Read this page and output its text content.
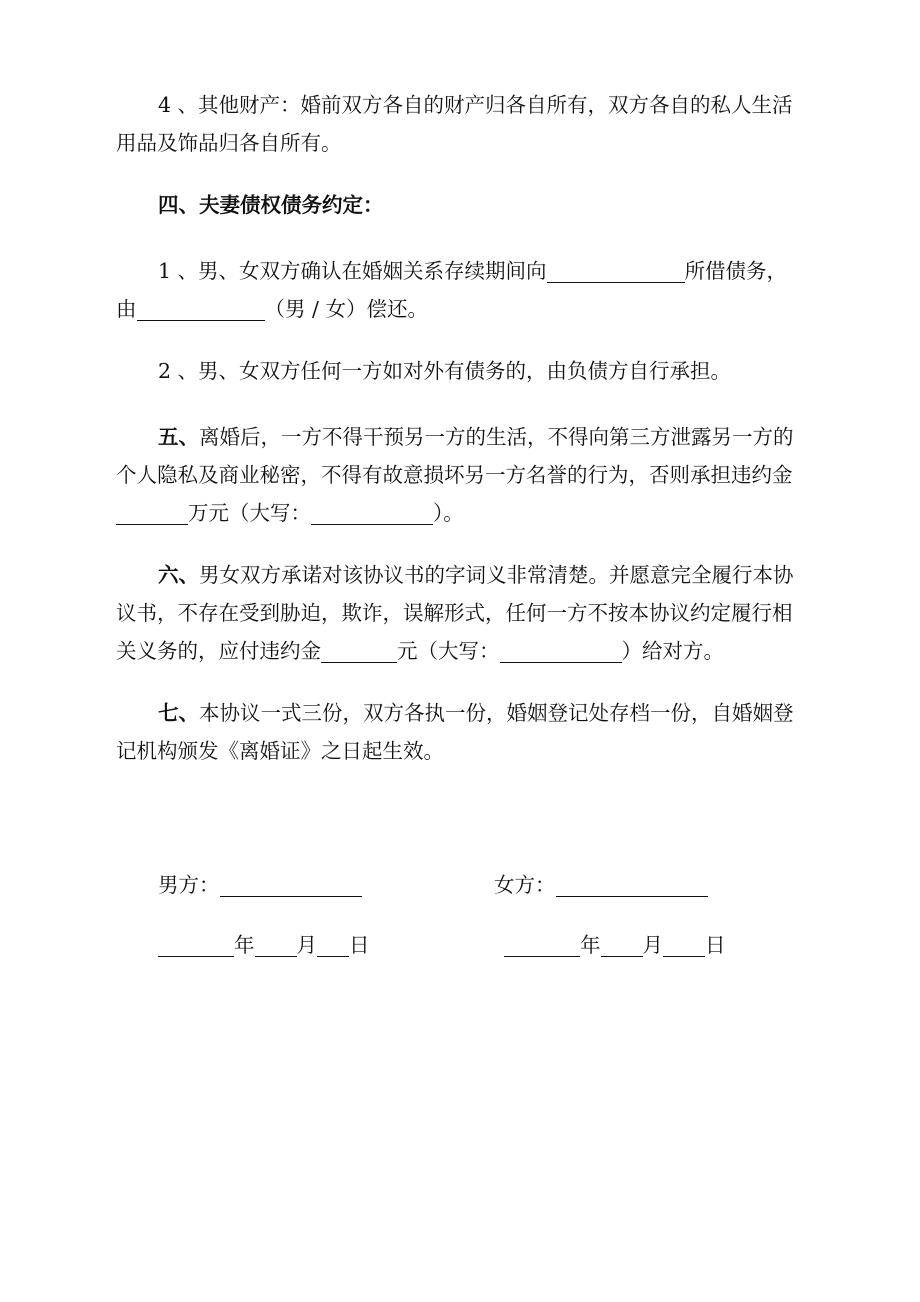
4 、其他财产：婚前双方各自的财产归各自所有，双方各自的私人生活用品及饰品归各自所有。
四、夫妻债权债务约定：
1 、男、女双方确认在婚姻关系存续期间向	所借债务，由	（男 / 女）偿还。
2 、男、女双方任何一方如对外有债务的，由负债方自行承担。
五、离婚后，一方不得干预另一方的生活，不得向第三方泄露另一方的个人隐私及商业秘密，不得有故意损坏另一方名誉的行为，否则承担违约金万元（大写：	）。
六、男女双方承诺对该协议书的字词义非常清楚。并愿意完全履行本协议书，不存在受到胁迫，欺诈，误解形式，任何一方不按本协议约定履行相关义务的，应付违约金	元（大写：	）给对方。
七、本协议一式三份，双方各执一份，婚姻登记处存档一份，自婚姻登记机构颁发《离婚证》之日起生效。
男方：	女方：
年 月 日	年 月 日
